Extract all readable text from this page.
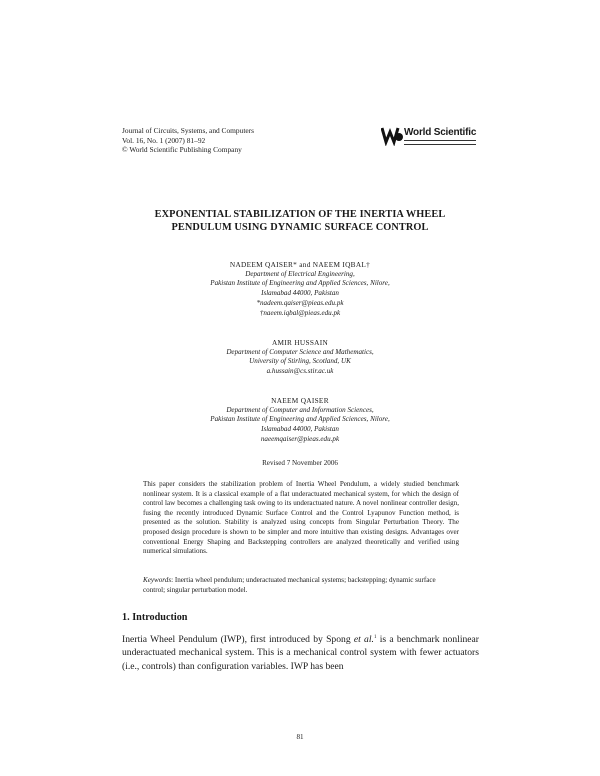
Journal of Circuits, Systems, and Computers
Vol. 16, No. 1 (2007) 81–92
© World Scientific Publishing Company
World Scientific
EXPONENTIAL STABILIZATION OF THE INERTIA WHEEL
PENDULUM USING DYNAMIC SURFACE CONTROL
NADEEM QAISER* and NAEEM IQBAL†
Department of Electrical Engineering,
Pakistan Institute of Engineering and Applied Sciences, Nilore,
Islamabad 44000, Pakistan
*nadeem.qaiser@pieas.edu.pk
†naeem.iqbal@pieas.edu.pk
AMIR HUSSAIN
Department of Computer Science and Mathematics,
University of Stirling, Scotland, UK
a.hussain@cs.stir.ac.uk
NAEEM QAISER
Department of Computer and Information Sciences,
Pakistan Institute of Engineering and Applied Sciences, Nilore,
Islamabad 44000, Pakistan
naeemqaiser@pieas.edu.pk
Revised 7 November 2006
This paper considers the stabilization problem of Inertia Wheel Pendulum, a widely studied benchmark nonlinear system. It is a classical example of a flat underactuated mechanical system, for which the design of control law becomes a challenging task owing to its underactuated nature. A novel nonlinear controller design, fusing the recently introduced Dynamic Surface Control and the Control Lyapunov Function method, is presented as the solution. Stability is analyzed using concepts from Singular Perturbation Theory. The proposed design procedure is shown to be simpler and more intuitive than existing designs. Advantages over conventional Energy Shaping and Backstepping controllers are analyzed theoretically and verified using numerical simulations.
Keywords: Inertia wheel pendulum; underactuated mechanical systems; backstepping; dynamic surface control; singular perturbation model.
1. Introduction
Inertia Wheel Pendulum (IWP), first introduced by Spong et al.$^1$ is a benchmark nonlinear underactuated mechanical system. This is a mechanical control system with fewer actuators (i.e., controls) than configuration variables. IWP has been
81
